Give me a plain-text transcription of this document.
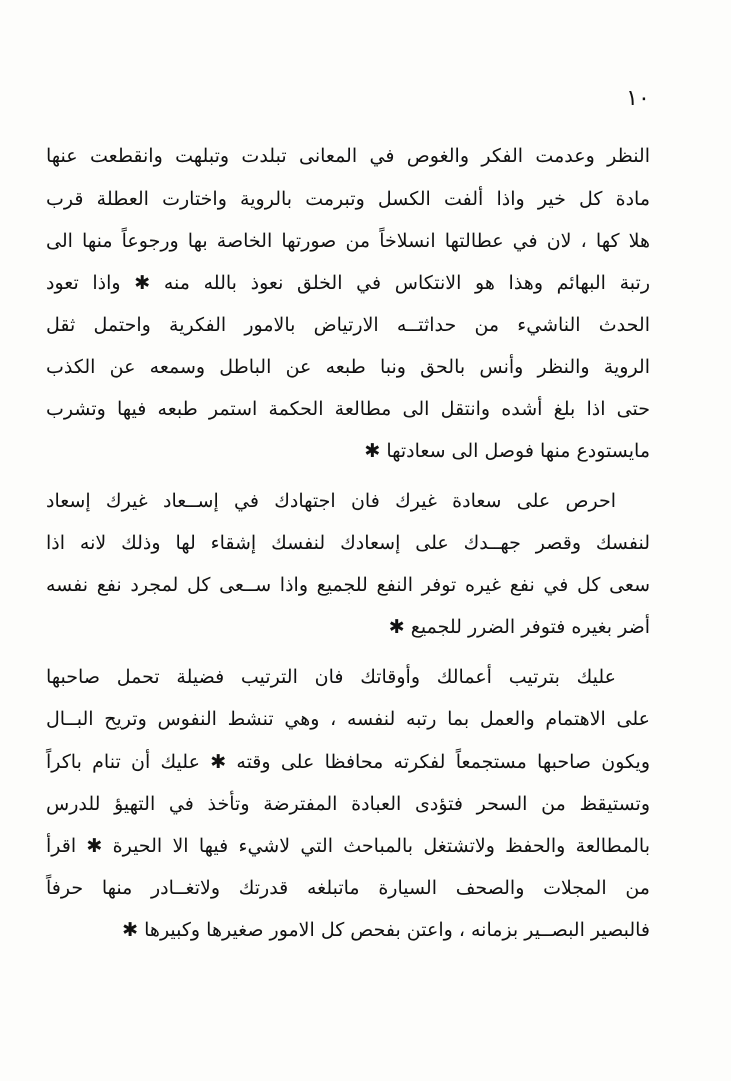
١٠
النظر وعدمت الفكر والغوص في المعانى تبلدت وتبلهت وانقطعت عنها
مادة كل خير واذا ألفت الكسل وتبرمت بالروية واختارت العطلة قرب
هلا كها ، لان في عطالتها انسلاخاً من صورتها الخاصة بها ورجوعاً منها الى
رتبة البهائم وهذا هو الانتكاس في الخلق نعوذ بالله منه ✱ واذا تعود
الحدث الناشيء من حداثتــه الارتياض بالامور الفكرية واحتمل ثقل
الروية والنظر وأنس بالحق ونبا طبعه عن الباطل وسمعه عن الكذب
حتى اذا بلغ أشده وانتقل الى مطالعة الحكمة استمر طبعه فيها وتشرب
مايستودع منها فوصل الى سعادتها ✱
احرص على سعادة غيرك فان اجتهادك في إســعاد غيرك إسعاد
لنفسك وقصر جهــدك على إسعادك لنفسك إشقاء لها وذلك لانه اذا
سعى كل في نفع غيره توفر النفع للجميع واذا ســعى كل لمجرد نفع نفسه
أضر بغيره فتوفر الضرر للجميع ✱
عليك بترتيب أعمالك وأوقاتك فان الترتيب فضيلة تحمل صاحبها
على الاهتمام والعمل بما رتبه لنفسه ، وهي تنشط النفوس وتريح البــال
ويكون صاحبها مستجمعاً لفكرته محافظا على وقته ✱ عليك أن تنام باكراً
وتستيقظ من السحر فتؤدى العبادة المفترضة وتأخذ في التهيؤ للدرس
بالمطالعة والحفظ ولاتشتغل بالمباحث التي لاشيء فيها الا الحيرة ✱ اقرأ
من المجلات والصحف السيارة ماتبلغه قدرتك ولاتغــادر منها حرفاً
فالبصير البصــير بزمانه ، واعتن بفحص كل الامور صغيرها وكبيرها ✱
